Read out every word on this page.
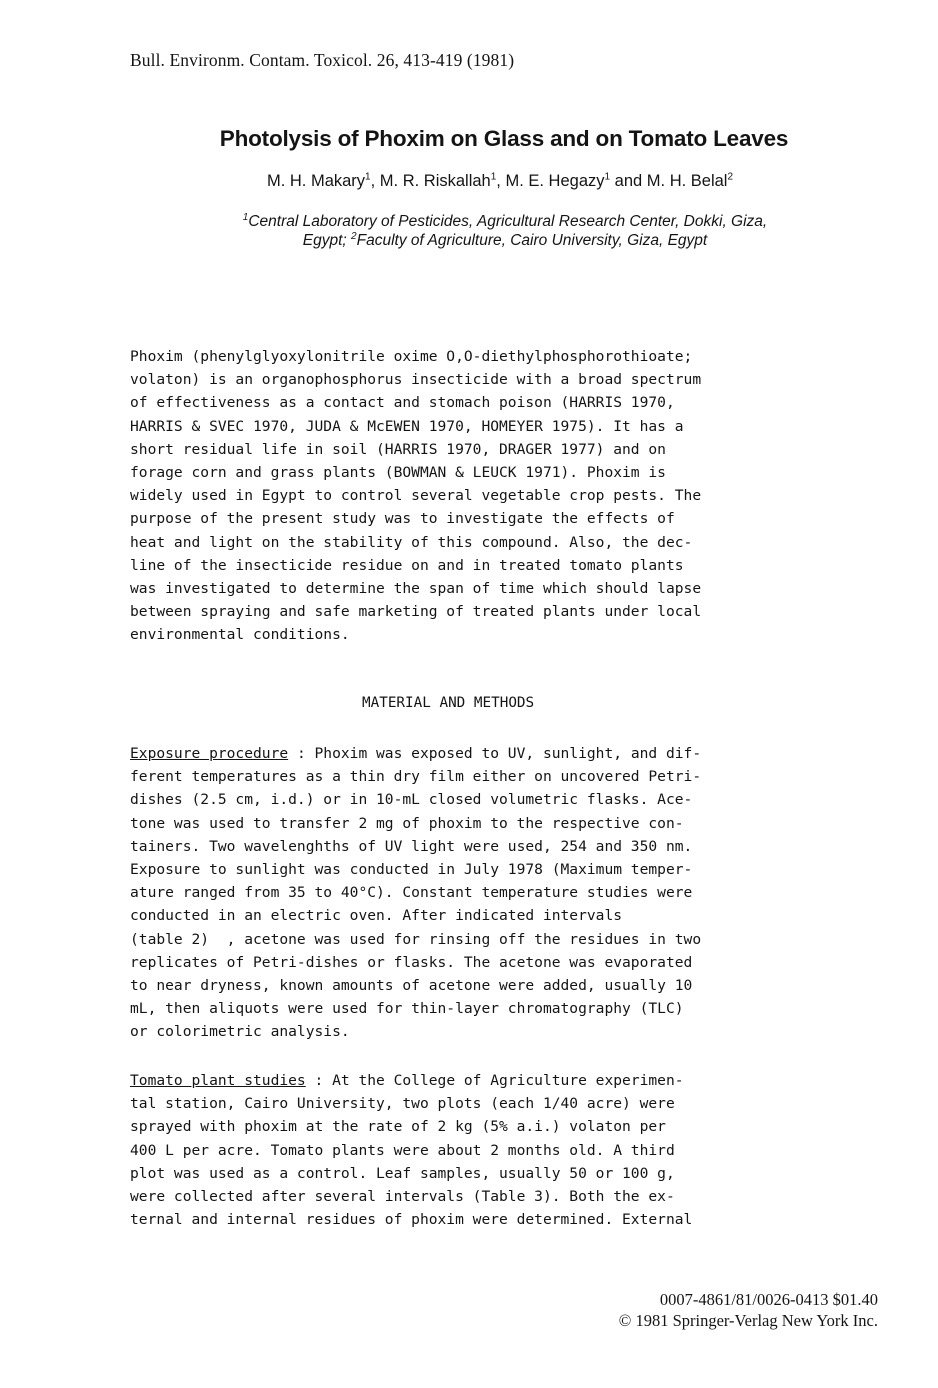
Bull. Environm. Contam. Toxicol. 26, 413-419 (1981)
Photolysis of Phoxim on Glass and on Tomato Leaves
M. H. Makary$^1$, M. R. Riskallah$^1$, M. E. Hegazy$^1$ and M. H. Belal$^2$
$^1$Central Laboratory of Pesticides, Agricultural Research Center, Dokki, Giza,
Egypt; $^2$Faculty of Agriculture, Cairo University, Giza, Egypt
Phoxim (phenylglyoxylonitrile oxime O,O-diethylphosphorothioate;
volaton) is an organophosphorus insecticide with a broad spectrum
of effectiveness as a contact and stomach poison (HARRIS 1970,
HARRIS & SVEC 1970, JUDA & McEWEN 1970, HOMEYER 1975). It has a
short residual life in soil (HARRIS 1970, DRAGER 1977) and on
forage corn and grass plants (BOWMAN & LEUCK 1971). Phoxim is
widely used in Egypt to control several vegetable crop pests. The
purpose of the present study was to investigate the effects of
heat and light on the stability of this compound. Also, the dec-
line of the insecticide residue on and in treated tomato plants
was investigated to determine the span of time which should lapse
between spraying and safe marketing of treated plants under local
environmental conditions.
MATERIAL AND METHODS
Exposure procedure : Phoxim was exposed to UV, sunlight, and dif-
ferent temperatures as a thin dry film either on uncovered Petri-
dishes (2.5 cm, i.d.) or in 10-mL closed volumetric flasks. Ace-
tone was used to transfer 2 mg of phoxim to the respective con-
tainers. Two wavelenghths of UV light were used, 254 and 350 nm.
Exposure to sunlight was conducted in July 1978 (Maximum temper-
ature ranged from 35 to 40°C). Constant temperature studies were
conducted in an electric oven. After indicated intervals
(table 2)  , acetone was used for rinsing off the residues in two
replicates of Petri-dishes or flasks. The acetone was evaporated
to near dryness, known amounts of acetone were added, usually 10
mL, then aliquots were used for thin-layer chromatography (TLC)
or colorimetric analysis.
Tomato plant studies : At the College of Agriculture experimen-
tal station, Cairo University, two plots (each 1/40 acre) were
sprayed with phoxim at the rate of 2 kg (5% a.i.) volaton per
400 L per acre. Tomato plants were about 2 months old. A third
plot was used as a control. Leaf samples, usually 50 or 100 g,
were collected after several intervals (Table 3). Both the ex-
ternal and internal residues of phoxim were determined. External
0007-4861/81/0026-0413 $01.40
© 1981 Springer-Verlag New York Inc.
